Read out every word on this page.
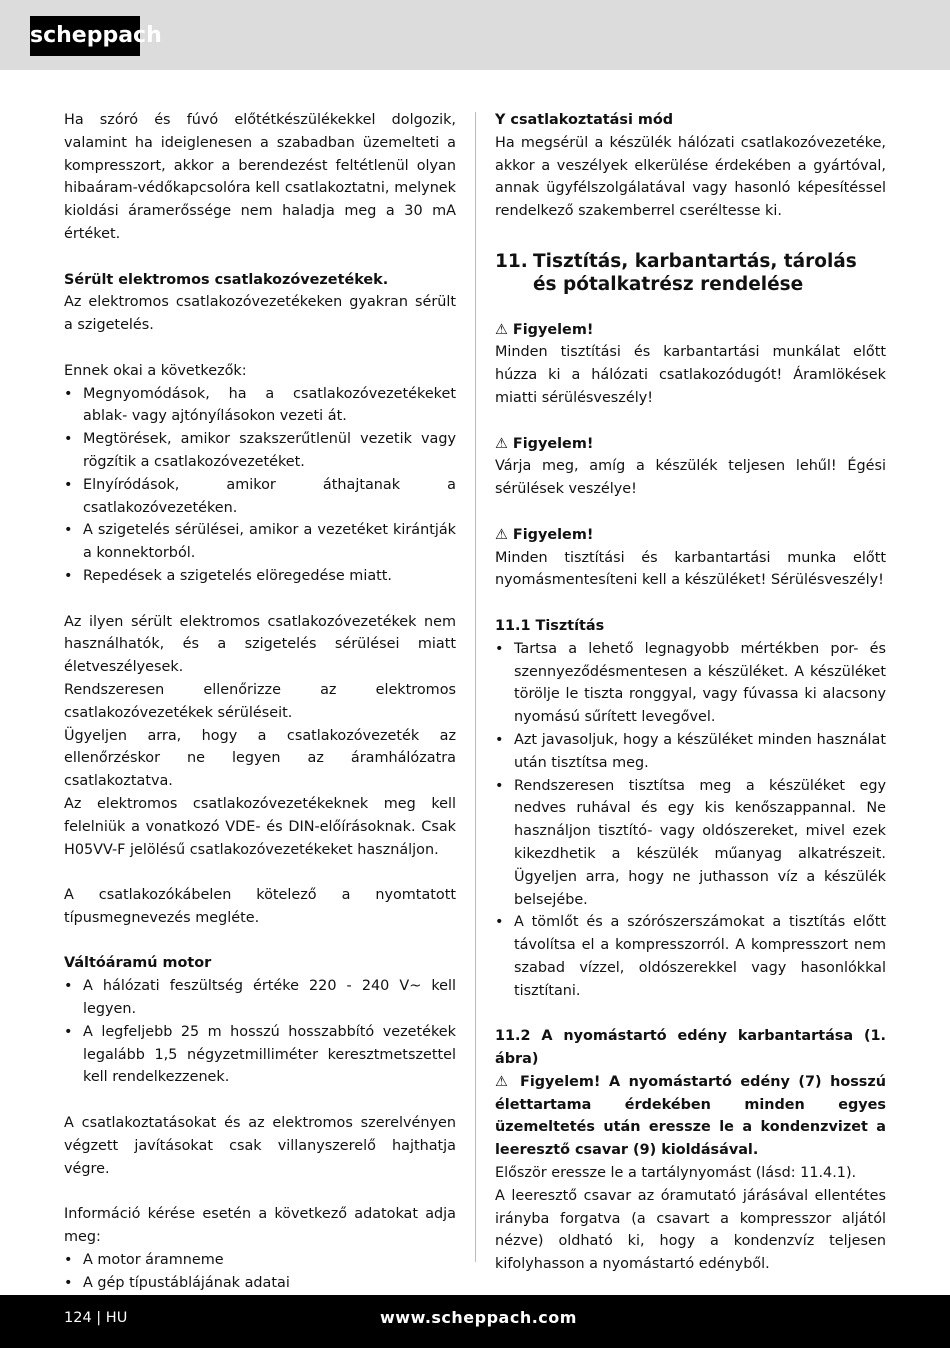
scheppach

Ha szóró és fúvó előtétkészülékekkel dolgozik, valamint ha ideiglenesen a szabadban üzemelteti a kompresszort, akkor a berendezést feltétlenül olyan hibaáram-védőkapcsolóra kell csatlakoztatni, melynek kioldási áramerőssége nem haladja meg a 30 mA értéket.

Sérült elektromos csatlakozóvezetékek.

Az elektromos csatlakozóvezetékeken gyakran sérült a szigetelés.

Ennek okai a következők:

• Megnyomódások, ha a csatlakozóvezetékeket ablak- vagy ajtónyílásokon vezeti át.
• Megtörések, amikor szakszerűtlenül vezetik vagy rögzítik a csatlakozóvezetéket.
• Elnyíródások, amikor áthajtanak a csatlakozóvezetéken.
• A szigetelés sérülései, amikor a vezetéket kirántják a konnektorból.
• Repedések a szigetelés elöregedése miatt.

Az ilyen sérült elektromos csatlakozóvezetékek nem használhatók, és a szigetelés sérülései miatt életveszélyesek.

Rendszeresen ellenőrizze az elektromos csatlakozóvezetékek sérüléseit.

Ügyeljen arra, hogy a csatlakozóvezeték az ellenőrzéskor ne legyen az áramhálózatra csatlakoztatva.

Az elektromos csatlakozóvezetékeknek meg kell felelniük a vonatkozó VDE- és DIN-előírásoknak. Csak H05VV-F jelölésű csatlakozóvezetékeket használjon.

A csatlakozókábelen kötelező a nyomtatott típusmegnevezés megléte.

Váltóáramú motor

• A hálózati feszültség értéke 220 - 240 V~ kell legyen.
• A legfeljebb 25 m hosszú hosszabbító vezetékek legalább 1,5 négyzetmilliméter keresztmetszettel kell rendelkezzenek.

A csatlakoztatásokat és az elektromos szerelvényen végzett javításokat csak villanyszerelő hajthatja végre.

Információ kérése esetén a következő adatokat adja meg:

• A motor áramneme
• A gép típustáblájának adatai
•

Y csatlakoztatási mód

Ha megsérül a készülék hálózati csatlakozóvezetéke, akkor a veszélyek elkerülése érdekében a gyártóval, annak ügyfélszolgálatával vagy hasonló képesítéssel rendelkező szakemberrel cseréltesse ki.

11. Tisztítás, karbantartás, tárolás és pótalkatrész rendelése

⚠ Figyelem!

Minden tisztítási és karbantartási munkálat előtt húzza ki a hálózati csatlakozódugót! Áramlökések miatti sérülésveszély!

⚠ Figyelem!

Várja meg, amíg a készülék teljesen lehűl! Égési sérülések veszélye!

⚠ Figyelem!

Minden tisztítási és karbantartási munka előtt nyomásmentesíteni kell a készüléket! Sérülésveszély!

11.1 Tisztítás

• Tartsa a lehető legnagyobb mértékben por- és szennyeződésmentesen a készüléket. A készüléket törölje le tiszta ronggyal, vagy fúvassa ki alacsony nyomású sűrített levegővel.
• Azt javasoljuk, hogy a készüléket minden használat után tisztítsa meg.
• Rendszeresen tisztítsa meg a készüléket egy nedves ruhával és egy kis kenőszappannal. Ne használjon tisztító- vagy oldószereket, mivel ezek kikezdhetik a készülék műanyag alkatrészeit. Ügyeljen arra, hogy ne juthasson víz a készülék belsejébe.
• A tömlőt és a szórószerszámokat a tisztítás előtt távolítsa el a kompresszorról. A kompresszort nem szabad vízzel, oldószerekkel vagy hasonlókkal tisztítani.

11.2 A nyomástartó edény karbantartása (1. ábra)

⚠ Figyelem! A nyomástartó edény (7) hosszú élettartama érdekében minden egyes üzemeltetés után eressze le a kondenzvizet a leeresztő csavar (9) kioldásával.

Először eressze le a tartálynyomást (lásd: 11.4.1).

A leeresztő csavar az óramutató járásával ellentétes irányba forgatva (a csavart a kompresszor aljától nézve) oldható ki, hogy a kondenzvíz teljesen kifolyhasson a nyomástartó edényből.

124 | HU	www.scheppach.com
